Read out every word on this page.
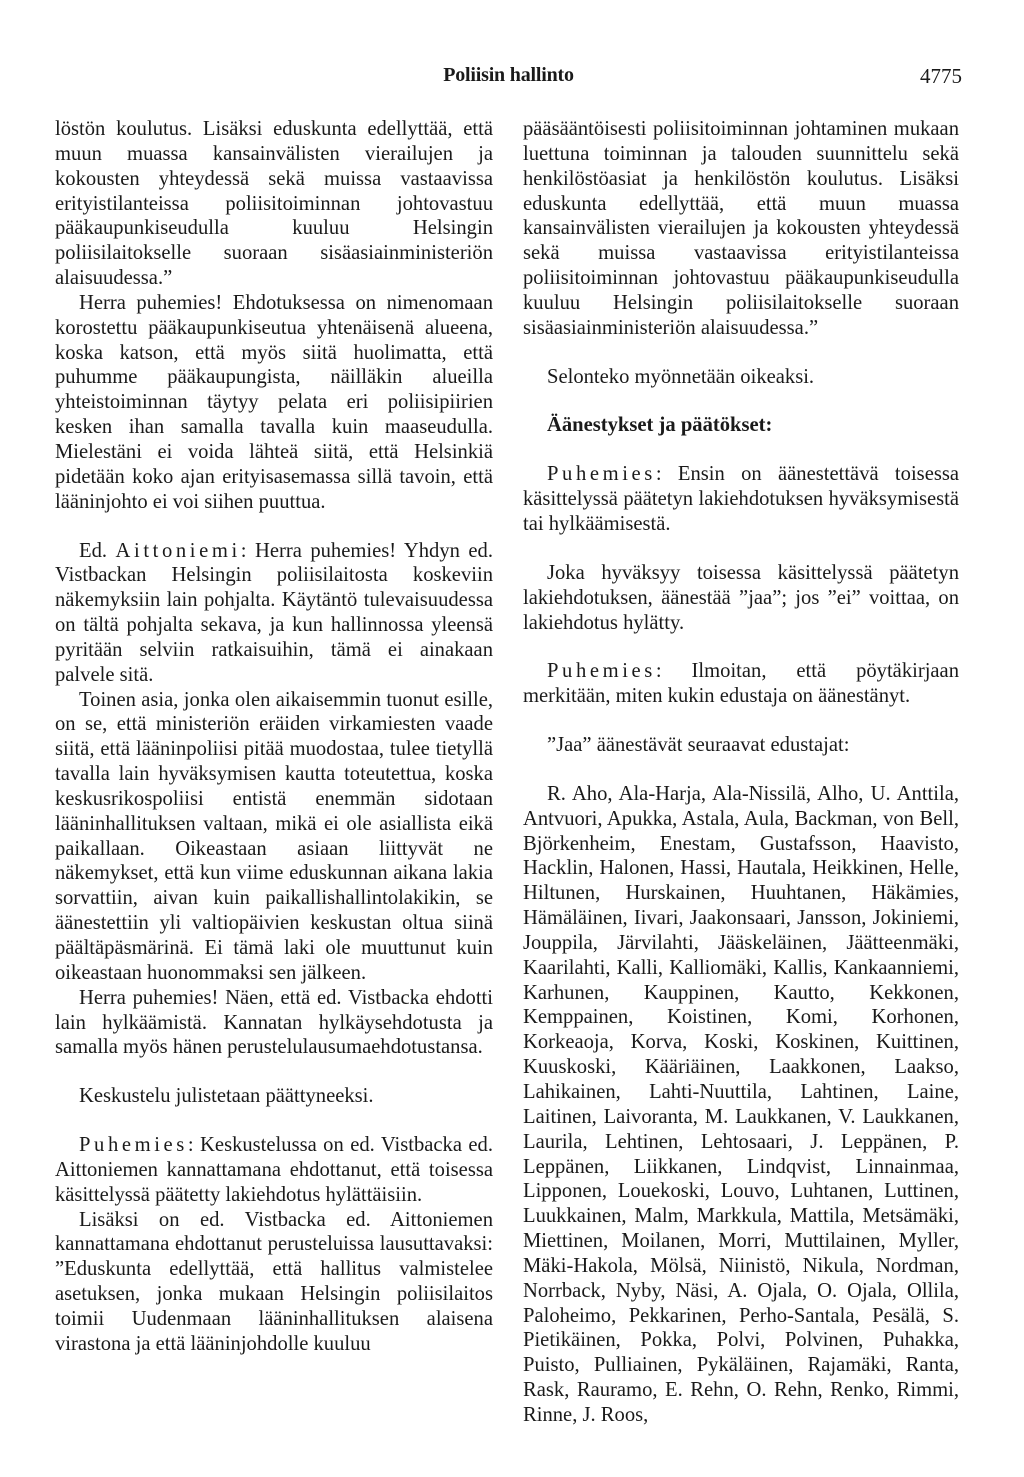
Poliisin hallinto	4775

löstön koulutus. Lisäksi eduskunta edellyttää, että muun muassa kansainvälisten vierailujen ja kokousten yhteydessä sekä muissa vastaavissa erityistilanteissa poliisitoiminnan johtovastuu pääkaupunkiseudulla kuuluu Helsingin poliisilaitokselle suoraan sisäasiainministeriön alaisuudessa.”

Herra puhemies! Ehdotuksessa on nimenomaan korostettu pääkaupunkiseutua yhtenäisenä alueena, koska katson, että myös siitä huolimatta, että puhumme pääkaupungista, näilläkin alueilla yhteistoiminnan täytyy pelata eri poliisipiirien kesken ihan samalla tavalla kuin maaseudulla. Mielestäni ei voida lähteä siitä, että Helsinkiä pidetään koko ajan erityisasemassa sillä tavoin, että lääninjohto ei voi siihen puuttua.

Ed. Aittoniemi: Herra puhemies! Yhdyn ed. Vistbackan Helsingin poliisilaitosta koskeviin näkemyksiin lain pohjalta. Käytäntö tulevaisuudessa on tältä pohjalta sekava, ja kun hallinnossa yleensä pyritään selviin ratkaisuihin, tämä ei ainakaan palvele sitä.

Toinen asia, jonka olen aikaisemmin tuonut esille, on se, että ministeriön eräiden virkamiesten vaade siitä, että lääninpoliisi pitää muodostaa, tulee tietyllä tavalla lain hyväksymisen kautta toteutettua, koska keskusrikospoliisi entistä enemmän sidotaan lääninhallituksen valtaan, mikä ei ole asiallista eikä paikallaan. Oikeastaan asiaan liittyvät ne näkemykset, että kun viime eduskunnan aikana lakia sorvattiin, aivan kuin paikallishallintolakikin, se äänestettiin yli valtiopäivien keskustan oltua siinä päältäpäsmärinä. Ei tämä laki ole muuttunut kuin oikeastaan huonommaksi sen jälkeen.

Herra puhemies! Näen, että ed. Vistbacka ehdotti lain hylkäämistä. Kannatan hylkäysehdotusta ja samalla myös hänen perustelulausumaehdotustansa.

Keskustelu julistetaan päättyneeksi.

Puhemies: Keskustelussa on ed. Vistbacka ed. Aittoniemen kannattamana ehdottanut, että toisessa käsittelyssä päätetty lakiehdotus hylättäisiin.

Lisäksi on ed. Vistbacka ed. Aittoniemen kannattamana ehdottanut perusteluissa lausuttavaksi: ”Eduskunta edellyttää, että hallitus valmistelee asetuksen, jonka mukaan Helsingin poliisilaitos toimii Uudenmaan lääninhallituksen alaisena virastona ja että lääninjohdolle kuuluu

pääsääntöisesti poliisitoiminnan johtaminen mukaan luettuna toiminnan ja talouden suunnittelu sekä henkilöstöasiat ja henkilöstön koulutus. Lisäksi eduskunta edellyttää, että muun muassa kansainvälisten vierailujen ja kokousten yhteydessä sekä muissa vastaavissa erityistilanteissa poliisitoiminnan johtovastuu pääkaupunkiseudulla kuuluu Helsingin poliisilaitokselle suoraan sisäasiainministeriön alaisuudessa.”

Selonteko myönnetään oikeaksi.

Äänestykset ja päätökset:

Puhemies: Ensin on äänestettävä toisessa käsittelyssä päätetyn lakiehdotuksen hyväksymisestä tai hylkäämisestä.

Joka hyväksyy toisessa käsittelyssä päätetyn lakiehdotuksen, äänestää ”jaa”; jos ”ei” voittaa, on lakiehdotus hylätty.

Puhemies: Ilmoitan, että pöytäkirjaan merkitään, miten kukin edustaja on äänestänyt.

”Jaa” äänestävät seuraavat edustajat:

R. Aho, Ala-Harja, Ala-Nissilä, Alho, U. Anttila, Antvuori, Apukka, Astala, Aula, Backman, von Bell, Björkenheim, Enestam, Gustafsson, Haavisto, Hacklin, Halonen, Hassi, Hautala, Heikkinen, Helle, Hiltunen, Hurskainen, Huuhtanen, Häkämies, Hämäläinen, Iivari, Jaakonsaari, Jansson, Jokiniemi, Jouppila, Järvilahti, Jääskeläinen, Jäätteenmäki, Kaarilahti, Kalli, Kalliomäki, Kallis, Kankaanniemi, Karhunen, Kauppinen, Kautto, Kekkonen, Kemppainen, Koistinen, Komi, Korhonen, Korkeaoja, Korva, Koski, Koskinen, Kuittinen, Kuuskoski, Kääriäinen, Laakkonen, Laakso, Lahikainen, Lahti-Nuuttila, Lahtinen, Laine, Laitinen, Laivoranta, M. Laukkanen, V. Laukkanen, Laurila, Lehtinen, Lehtosaari, J. Leppänen, P. Leppänen, Liikkanen, Lindqvist, Linnainmaa, Lipponen, Louekoski, Louvo, Luhtanen, Luttinen, Luukkainen, Malm, Markkula, Mattila, Metsämäki, Miettinen, Moilanen, Morri, Muttilainen, Myller, Mäki-Hakola, Mölsä, Niinistö, Nikula, Nordman, Norrback, Nyby, Näsi, A. Ojala, O. Ojala, Ollila, Paloheimo, Pekkarinen, Perho-Santala, Pesälä, S. Pietikäinen, Pokka, Polvi, Polvinen, Puhakka, Puisto, Pulliainen, Pykäläinen, Rajamäki, Ranta, Rask, Rauramo, E. Rehn, O. Rehn, Renko, Rimmi, Rinne, J. Roos,
